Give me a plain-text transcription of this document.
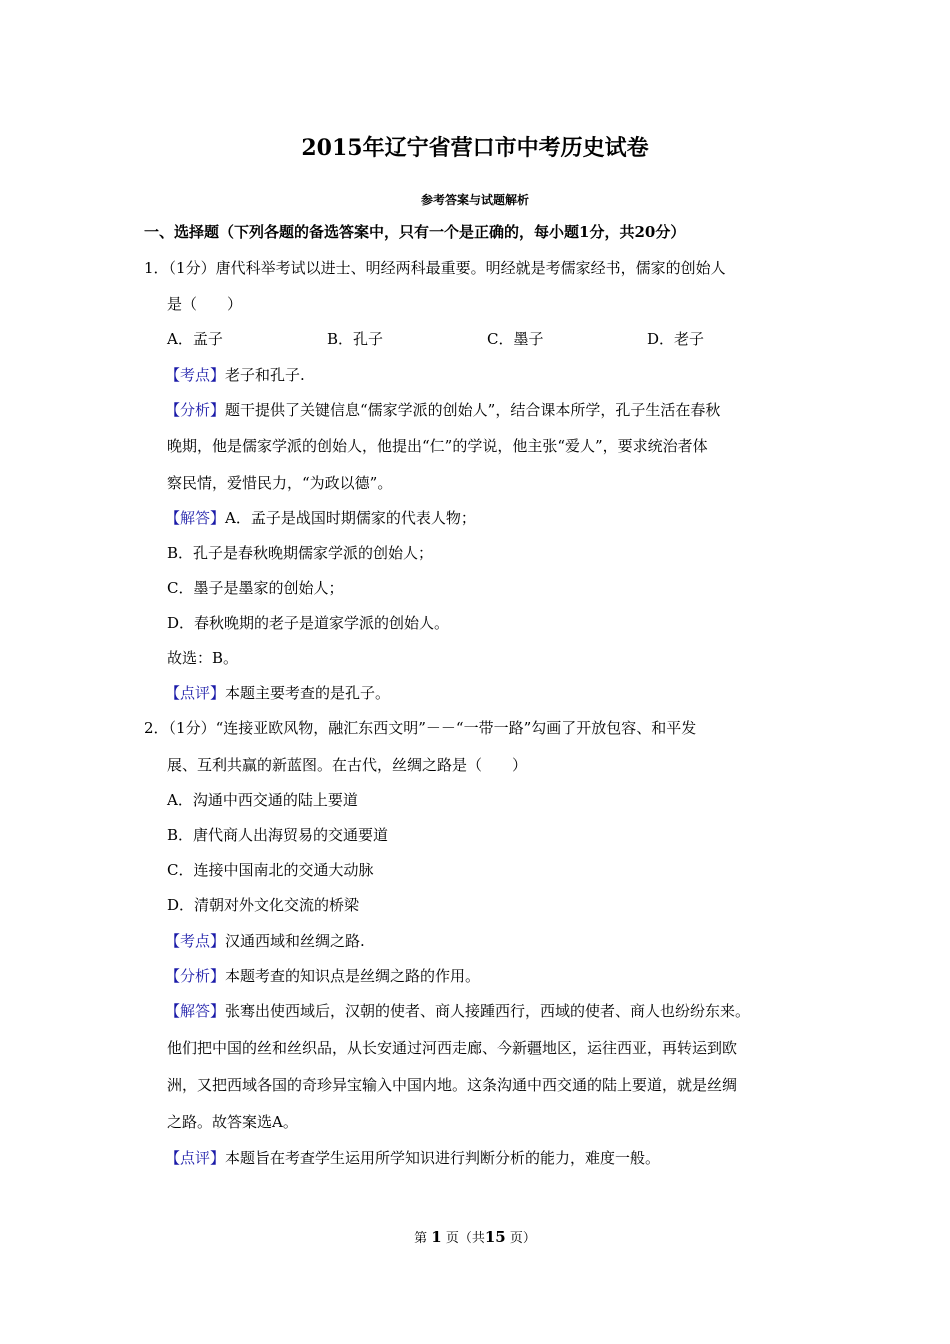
2015年辽宁省营口市中考历史试卷
参考答案与试题解析
一、选择题（下列各题的备选答案中，只有一个是正确的，每小题1分，共20分）
1．（1分）唐代科举考试以进士、明经两科最重要。明经就是考儒家经书，儒家的创始人
是（　　）
A．孟子	B．孔子	C．墨子	D．老子
【考点】老子和孔子.
【分析】题干提供了关键信息“儒家学派的创始人”，结合课本所学，孔子生活在春秋
晚期，他是儒家学派的创始人，他提出“仁”的学说，他主张“爱人”，要求统治者体
察民情，爱惜民力，“为政以德”。
【解答】A．孟子是战国时期儒家的代表人物；
B．孔子是春秋晚期儒家学派的创始人；
C．墨子是墨家的创始人；
D．春秋晚期的老子是道家学派的创始人。
故选：B。
【点评】本题主要考查的是孔子。
2．（1分）“连接亚欧风物，融汇东西文明”－－“一带一路”勾画了开放包容、和平发
展、互利共赢的新蓝图。在古代，丝绸之路是（　　）
A．沟通中西交通的陆上要道
B．唐代商人出海贸易的交通要道
C．连接中国南北的交通大动脉
D．清朝对外文化交流的桥梁
【考点】汉通西域和丝绸之路.
【分析】本题考查的知识点是丝绸之路的作用。
【解答】张骞出使西域后，汉朝的使者、商人接踵西行，西域的使者、商人也纷纷东来。
他们把中国的丝和丝织品，从长安通过河西走廊、今新疆地区，运往西亚，再转运到欧
洲，又把西域各国的奇珍异宝输入中国内地。这条沟通中西交通的陆上要道，就是丝绸
之路。故答案选A。
【点评】本题旨在考查学生运用所学知识进行判断分析的能力，难度一般。
第 1 页（共15 页）
